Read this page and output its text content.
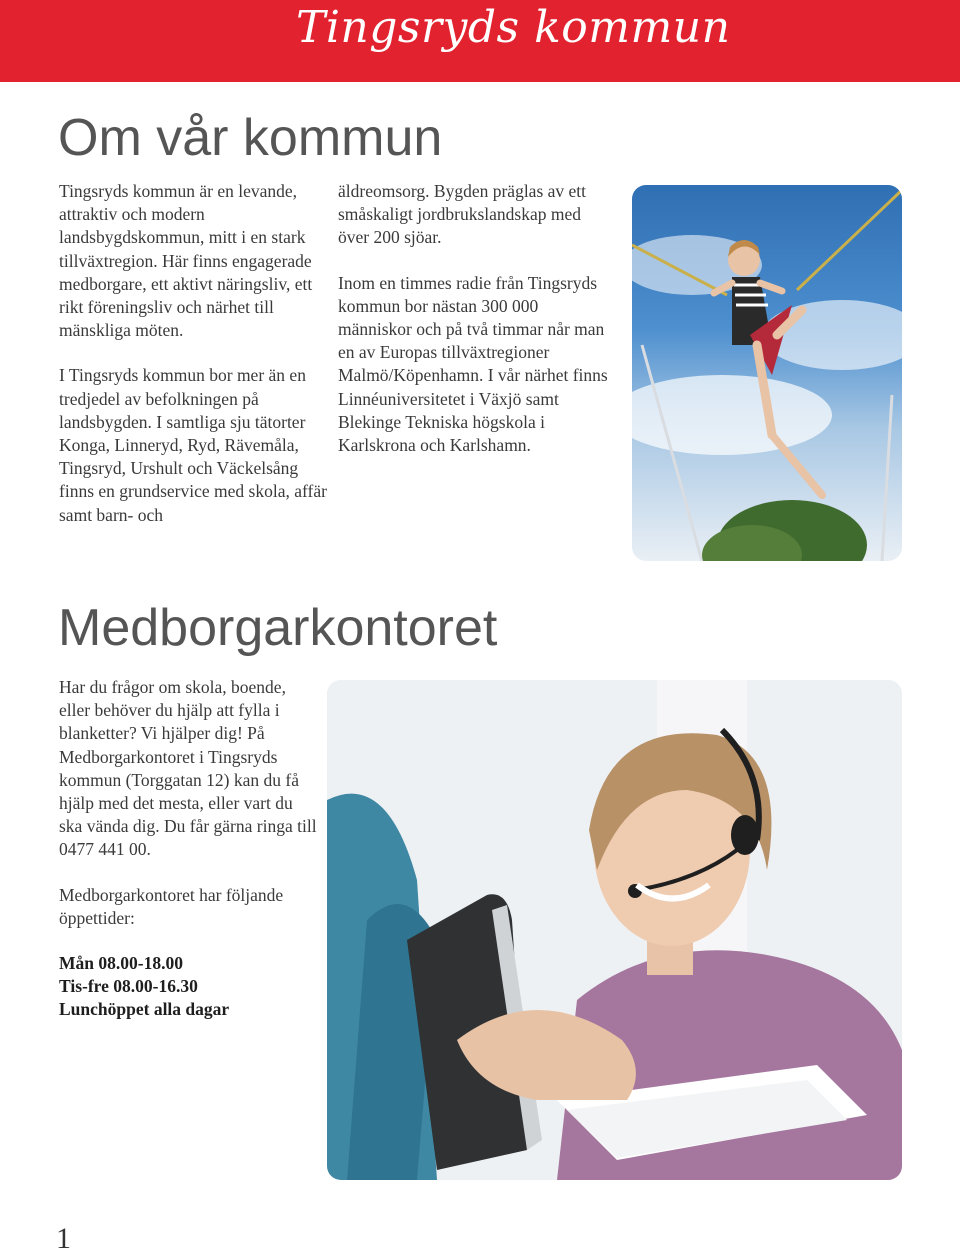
Tingsryds kommun
Om vår kommun

Tingsryds kommun är en levande, attraktiv och modern landsbygdskommun, mitt i en stark tillväxtregion. Här finns engagerade medborgare, ett aktivt näringsliv, ett rikt föreningsliv och närhet till mänskliga möten.

I Tingsryds kommun bor mer än en tredjedel av befolkningen på landsbygden. I samtliga sju tätorter Konga, Linneryd, Ryd, Rävemåla, Tingsryd, Urshult och Väckelsång finns en grundservice med skola, affär samt barn- och

äldreomsorg. Bygden präglas av ett småskaligt jordbrukslandskap med över 200 sjöar.

Inom en timmes radie från Tingsryds kommun bor nästan 300 000 människor och på två timmar når man en av Europas tillväxtregioner Malmö/Köpenhamn. I vår närhet finns Linnéuniversitetet i Växjö samt Blekinge Tekniska högskola i Karlskrona och Karlshamn.

Medborgarkontoret

Har du frågor om skola, boende, eller behöver du hjälp att fylla i blanketter? Vi hjälper dig! På Medborgarkontoret i Tingsryds kommun (Torggatan 12) kan du få hjälp med det mesta, eller vart du ska vända dig. Du får gärna ringa till 0477 441 00.

Medborgarkontoret har följande öppettider:

Mån 08.00-18.00
Tis-fre 08.00-16.30
Lunchöppet alla dagar
1
